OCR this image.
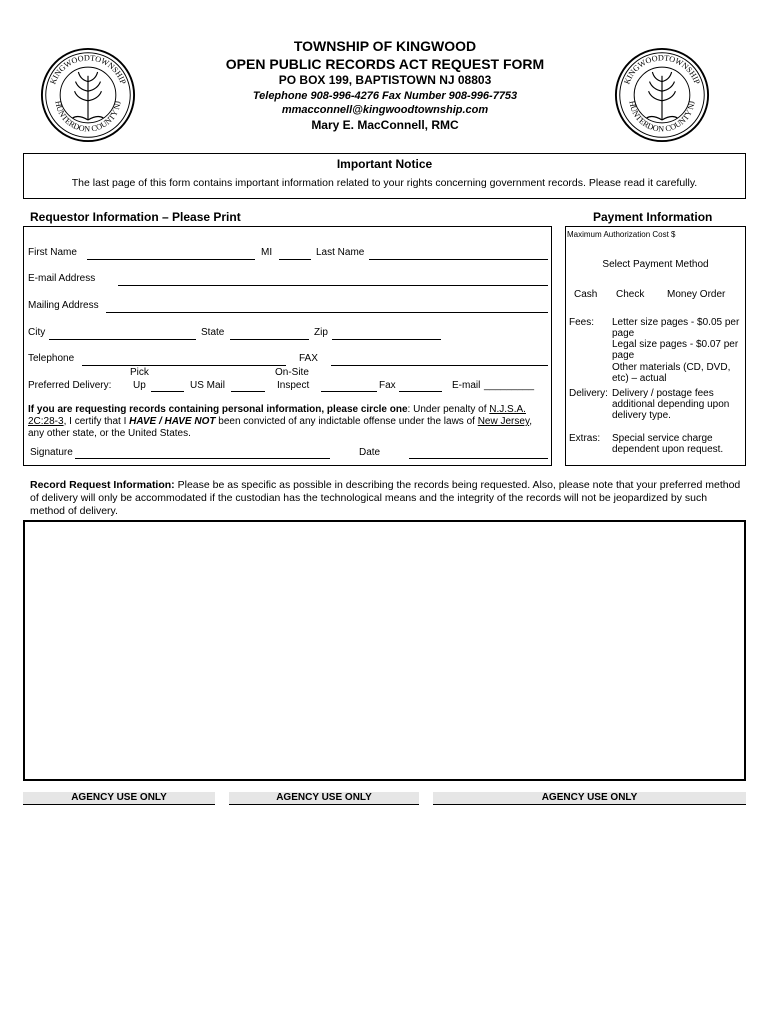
KINGWOODTOWNSHIP
HUNTERDON COUNTY NJ
KINGWOODTOWNSHIP
HUNTERDON COUNTY NJ
TOWNSHIP OF KINGWOOD
OPEN PUBLIC RECORDS ACT REQUEST FORM
PO BOX 199, BAPTISTOWN NJ 08803
Telephone 908-996-4276 Fax Number 908-996-7753
mmacconnell@kingwoodtownship.com
Mary E. MacConnell, RMC
Important Notice
The last page of this form contains important information related to your rights concerning government records. Please read it carefully.
Requestor Information – Please Print	Payment Information
First Name	MI	Last Name
E-mail Address
Mailing Address
City	State	Zip
Telephone	FAX
Pick	On-Site
Preferred Delivery: Up	US Mail	Inspect	Fax	E-mail _________
If you are requesting records containing personal information, please circle one: Under penalty of N.J.S.A.
2C:28-3, I certify that I HAVE / HAVE NOT been convicted of any indictable offense under the laws of New Jersey, any other state, or the United States.
Signature	Date
Maximum Authorization Cost $
Select Payment Method
Cash Check Money Order
Fees: Letter size pages - $0.05 per page
Legal size pages - $0.07 per page
Other materials (CD, DVD, etc) – actual
Delivery: Delivery / postage fees additional depending upon delivery type.
Extras: Special service charge dependent upon request.
Record Request Information: Please be as specific as possible in describing the records being requested. Also, please note that your preferred method of delivery will only be accommodated if the custodian has the technological means and the integrity of the records will not be jeopardized by such method of delivery.
AGENCY USE ONLY	AGENCY USE ONLY	AGENCY USE ONLY
